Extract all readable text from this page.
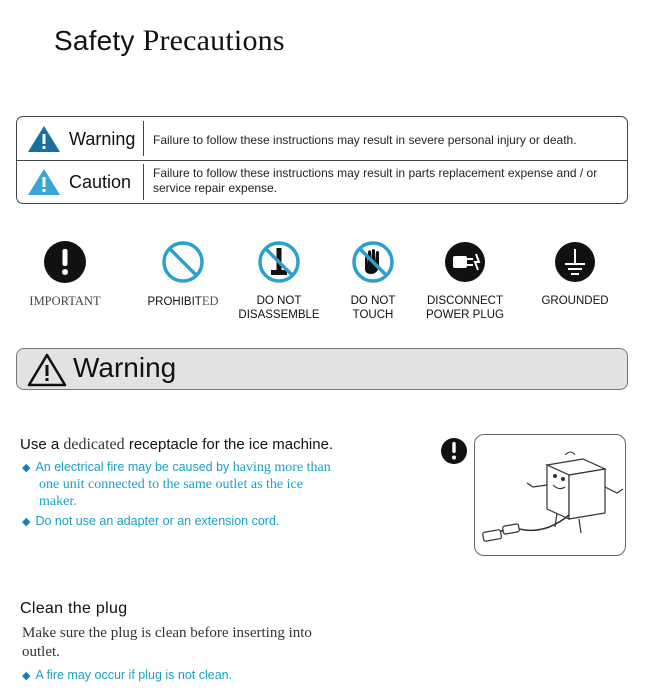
Safety Precautions
Warning Failure to follow these instructions may result in severe personal injury or death.
Caution Failure to follow these instructions may result in parts replacement expense and / or service repair expense.
IMPORTANT	PROHIBITED	DO NOT
DISASSEMBLE
DO NOT
TOUCH
DISCONNECT
POWER PLUG
GROUNDED
Warning
Use a dedicated receptacle for the ice machine.
◆ An electrical fire may be caused by having more than
one unit connected to the same outlet as the ice
maker.
◆ Do not use an adapter or an extension cord.
Clean the plug
Make sure the plug is clean before inserting into
outlet.
◆ A fire may occur if plug is not clean.
